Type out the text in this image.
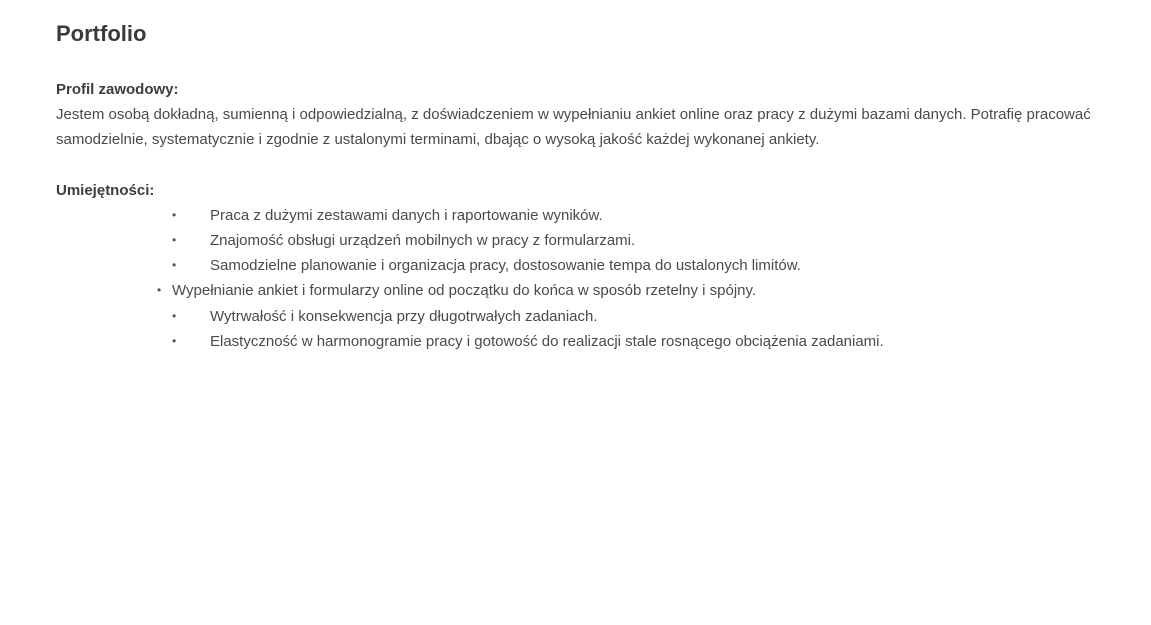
Portfolio

Profil zawodowy:

Jestem osobą dokładną, sumienną i odpowiedzialną, z doświadczeniem w wypełnianiu ankiet online oraz pracy z dużymi bazami danych. Potrafię pracować samodzielnie, systematycznie i zgodnie z ustalonymi terminami, dbając o wysoką jakość każdej wykonanej ankiety.

Umiejętności:

• Praca z dużymi zestawami danych i raportowanie wyników.
• Znajomość obsługi urządzeń mobilnych w pracy z formularzami.
• Samodzielne planowanie i organizacja pracy, dostosowanie tempa do ustalonych limitów.
• Wypełnianie ankiet i formularzy online od początku do końca w sposób rzetelny i spójny.
• Wytrwałość i konsekwencja przy długotrwałych zadaniach.
• Elastyczność w harmonogramie pracy i gotowość do realizacji stale rosnącego obciążenia zadaniami.
